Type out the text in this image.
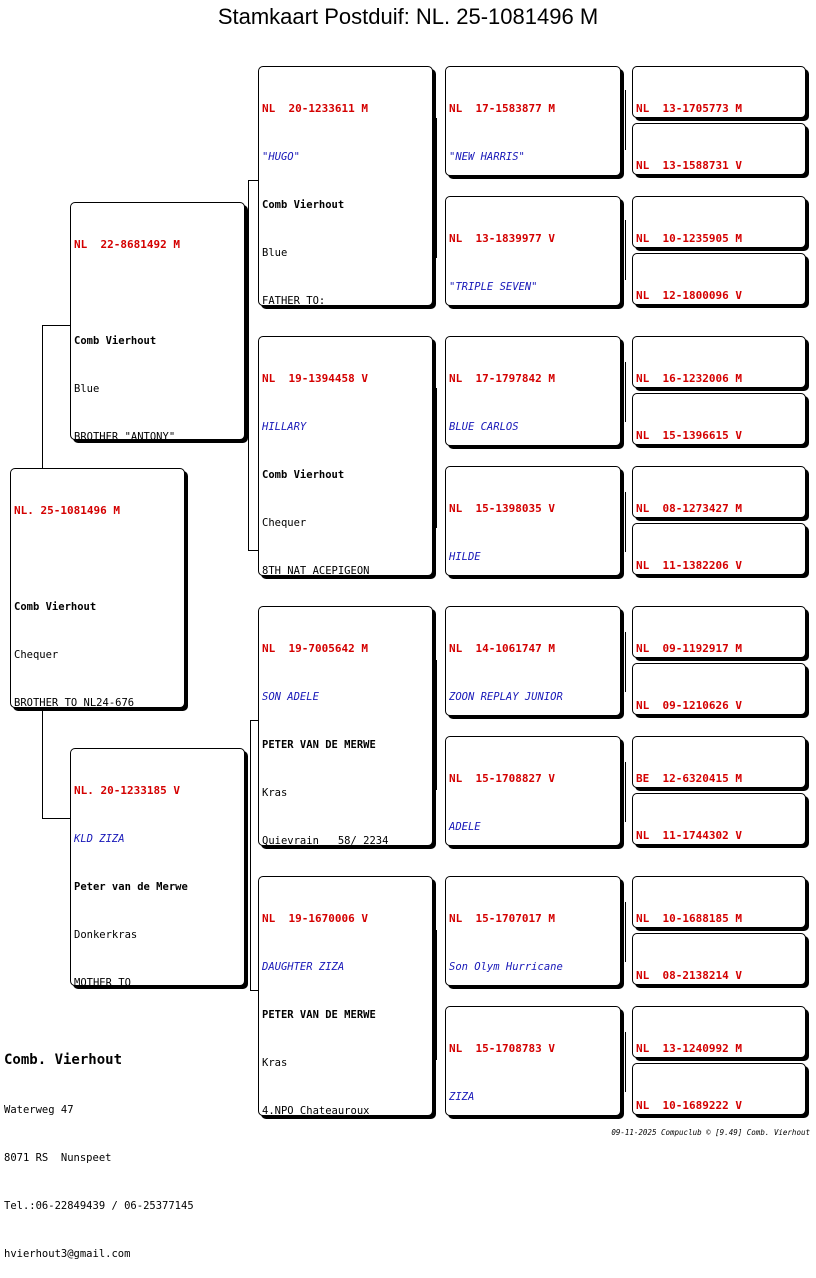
Stamkaart Postduif: NL. 25-1081496 M

NL. 25-1081496 M

Comb Vierhout

Chequer

BROTHER TO NL24-676

NL  22-8681492 M

Comb Vierhout

Blue

BROTHER "ANTONY"

NL. 20-1233185 V

KLD ZIZA

Peter van de Merwe

Donkerkras

MOTHER TO

NL  20-1233611 M

"HUGO"

Comb Vierhout

Blue

FATHER TO:

NL  19-1394458 V

HILLARY

Comb Vierhout

Chequer

8TH NAT ACEPIGEON

NL  19-7005642 M

SON ADELE

PETER VAN DE MERWE

Kras

Quievrain   58/ 2234

NL  19-1670006 V

DAUGHTER ZIZA

PETER VAN DE MERWE

Kras

4.NPO Chateauroux

NL  17-1583877 M

"NEW HARRIS"

NL  13-1839977 V

"TRIPLE SEVEN"

NL  17-1797842 M

BLUE CARLOS

NL  15-1398035 V

HILDE

NL  14-1061747 M

ZOON REPLAY JUNIOR

NL  15-1708827 V

ADELE

NL  15-1707017 M

Son Olym Hurricane

NL  15-1708783 V

ZIZA

NL  13-1705773 M

NL  13-1588731 V

NL  10-1235905 M

NL  12-1800096 V

NL  16-1232006 M

NL  15-1396615 V

NL  08-1273427 M

NL  11-1382206 V

NL  09-1192917 M

NL  09-1210626 V

BE  12-6320415 M

NL  11-1744302 V

NL  10-1688185 M

NL  08-2138214 V

NL  13-1240992 M

NL  10-1689222 V

Comb. Vierhout

Waterweg 47

8071 RS  Nunspeet

Tel.:06-22849439 / 06-25377145

hvierhout3@gmail.com

09-11-2025 Compuclub © [9.49] Comb. Vierhout
